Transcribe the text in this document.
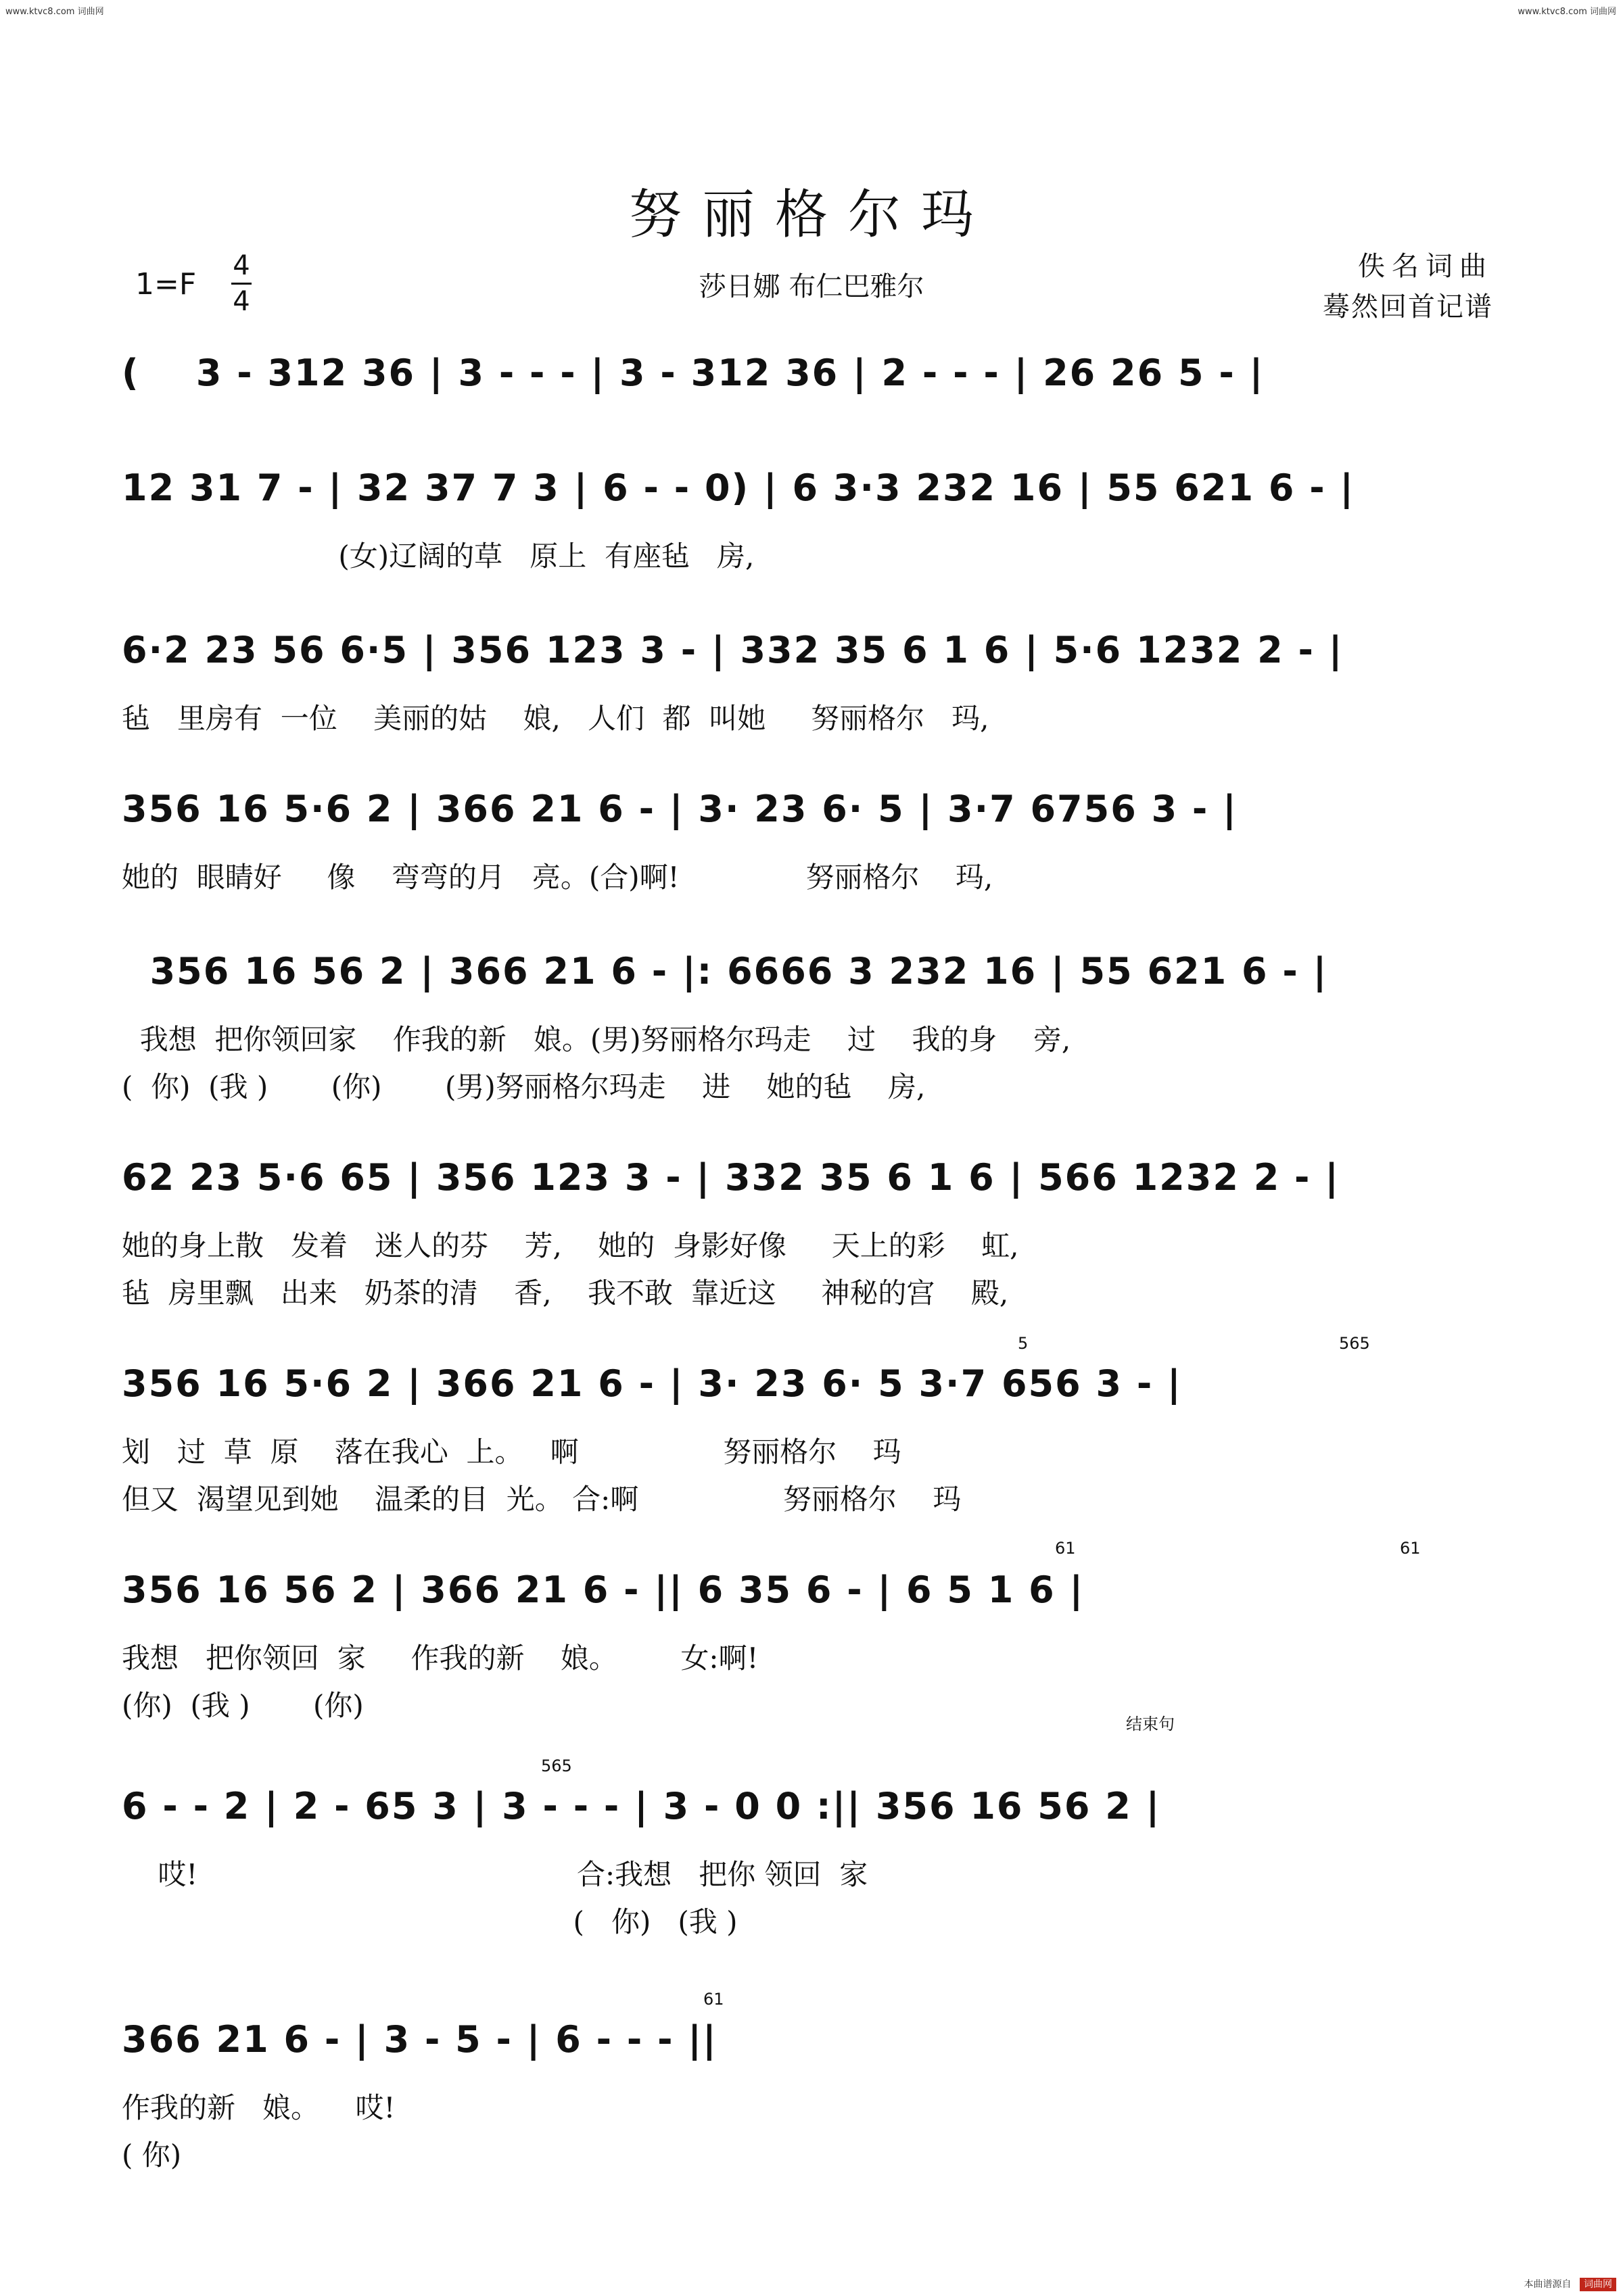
www.ktvc8.com 词曲网	www.ktvc8.com 词曲网
努丽格尔玛
1=F
4
4	莎日娜 布仁巴雅尔
佚名词曲
蓦然回首记谱
(    3 - 312 36 | 3 - - - | 3 - 312 36 | 2 - - - | 26 26 5 - |
12 31 7 - | 32 37 7 3 | 6 - - 0) | 6 3·3 232 16 | 55 621 6 - |
(女)辽阔的草   原上  有座毡   房,
6·2 23 56 6·5 | 356 123 3 - | 332 35 6 1 6 | 5·6 1232 2 - |
毡   里房有  一位    美丽的姑    娘,   人们  都  叫她     努丽格尔   玛,
356 16 5·6 2 | 366 21 6 - | 3· 23 6· 5 | 3·7 6756 3 - |
她的  眼睛好     像    弯弯的月   亮。(合)啊!              努丽格尔    玛,
356 16 56 2 | 366 21 6 - |: 6666 3 232 16 | 55 621 6 - |
我想  把你领回家    作我的新   娘。(男)努丽格尔玛走    过    我的身    旁,
(  你)  (我 )       (你)       (男)努丽格尔玛走    进    她的毡    房,
62 23 5·6 65 | 356 123 3 - | 332 35 6 1 6 | 566 1232 2 - |
她的身上散   发着   迷人的芬    芳,    她的  身影好像     天上的彩    虹,
毡  房里飘   出来   奶茶的清    香,    我不敢  靠近这     神秘的宫    殿,
356 16 5·6 2 | 366 21 6 - | 3· 23 6· 5 3·7 656 3 - |
划   过  草  原    落在我心  上。   啊                努丽格尔    玛
但又  渴望见到她    温柔的目  光。 合:啊                努丽格尔    玛
5	565
356 16 56 2 | 366 21 6 - || 6 35 6 - | 6 5 1 6 |
我想   把你领回  家     作我的新    娘。       女:啊!
(你)  (我 )       (你)
61	61
6 - - 2 | 2 - 65 3 | 3 - - - | 3 - 0 0 :|| 356 16 56 2 |
哎!                                          合:我想   把你 领回  家
(   你)   (我 )
565
结束句
366 21 6 - | 3 - 5 - | 6 - - - ||
作我的新   娘。    哎!
( 你)
61
本曲谱源自 词曲网
